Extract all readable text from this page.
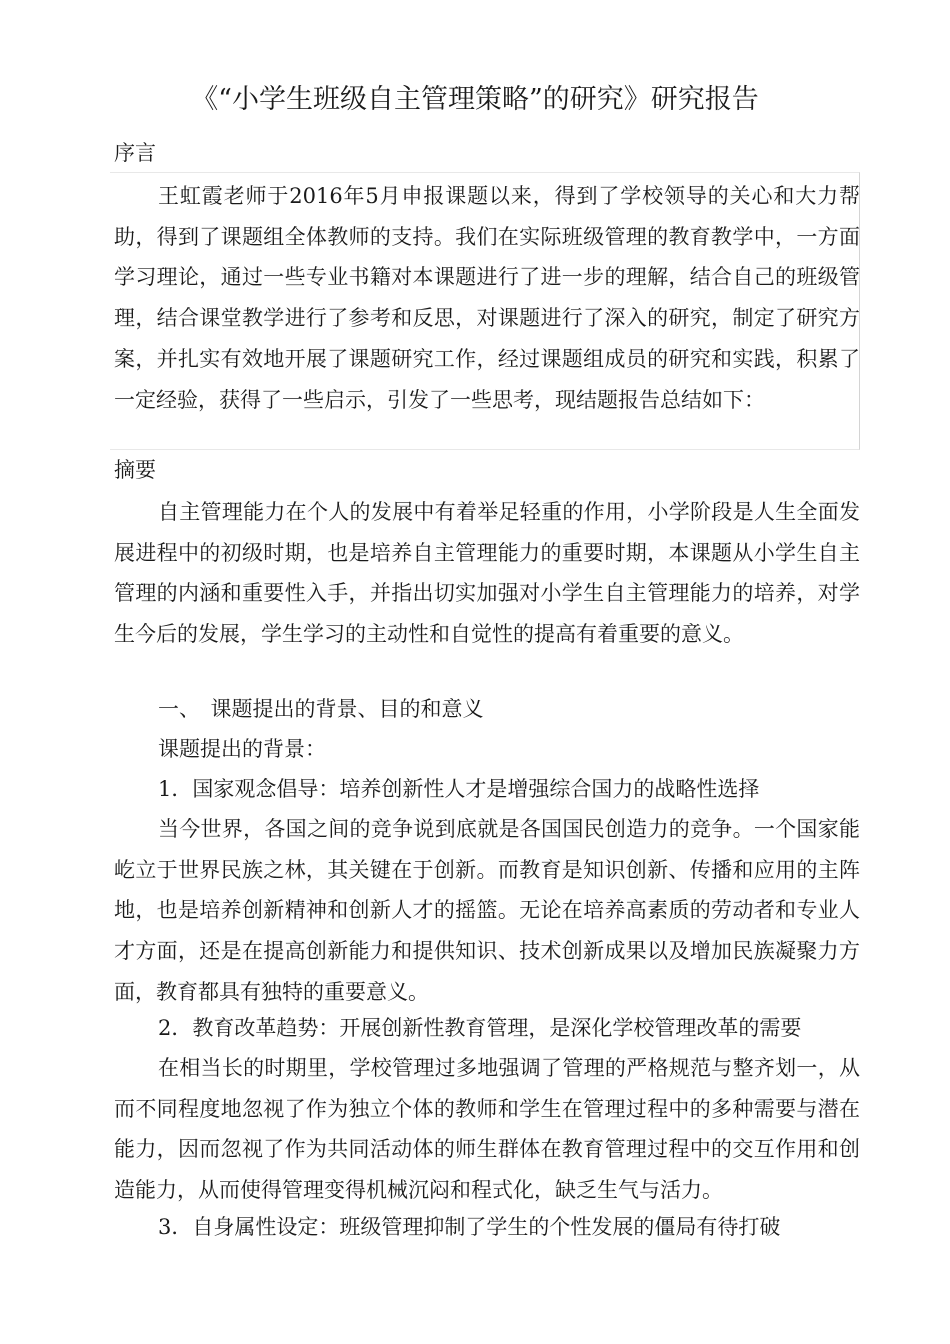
《“小学生班级自主管理策略”的研究》研究报告
序言

王虹霞老师于2016年5月申报课题以来，得到了学校领导的关心和大力帮助，得到了课题组全体教师的支持。我们在实际班级管理的教育教学中，一方面学习理论，通过一些专业书籍对本课题进行了进一步的理解，结合自己的班级管理，结合课堂教学进行了参考和反思，对课题进行了深入的研究，制定了研究方案，并扎实有效地开展了课题研究工作，经过课题组成员的研究和实践，积累了一定经验，获得了一些启示，引发了一些思考，现结题报告总结如下：

摘要

自主管理能力在个人的发展中有着举足轻重的作用，小学阶段是人生全面发展进程中的初级时期，也是培养自主管理能力的重要时期，本课题从小学生自主管理的内涵和重要性入手，并指出切实加强对小学生自主管理能力的培养，对学生今后的发展，学生学习的主动性和自觉性的提高有着重要的意义。

一、　课题提出的背景、目的和意义
课题提出的背景：
1．国家观念倡导：培养创新性人才是增强综合国力的战略性选择

当今世界，各国之间的竞争说到底就是各国国民创造力的竞争。一个国家能屹立于世界民族之林，其关键在于创新。而教育是知识创新、传播和应用的主阵地，也是培养创新精神和创新人才的摇篮。无论在培养高素质的劳动者和专业人才方面，还是在提高创新能力和提供知识、技术创新成果以及增加民族凝聚力方面，教育都具有独特的重要意义。

2．教育改革趋势：开展创新性教育管理，是深化学校管理改革的需要

在相当长的时期里，学校管理过多地强调了管理的严格规范与整齐划一，从而不同程度地忽视了作为独立个体的教师和学生在管理过程中的多种需要与潜在能力，因而忽视了作为共同活动体的师生群体在教育管理过程中的交互作用和创造能力，从而使得管理变得机械沉闷和程式化，缺乏生气与活力。

3．自身属性设定：班级管理抑制了学生的个性发展的僵局有待打破
